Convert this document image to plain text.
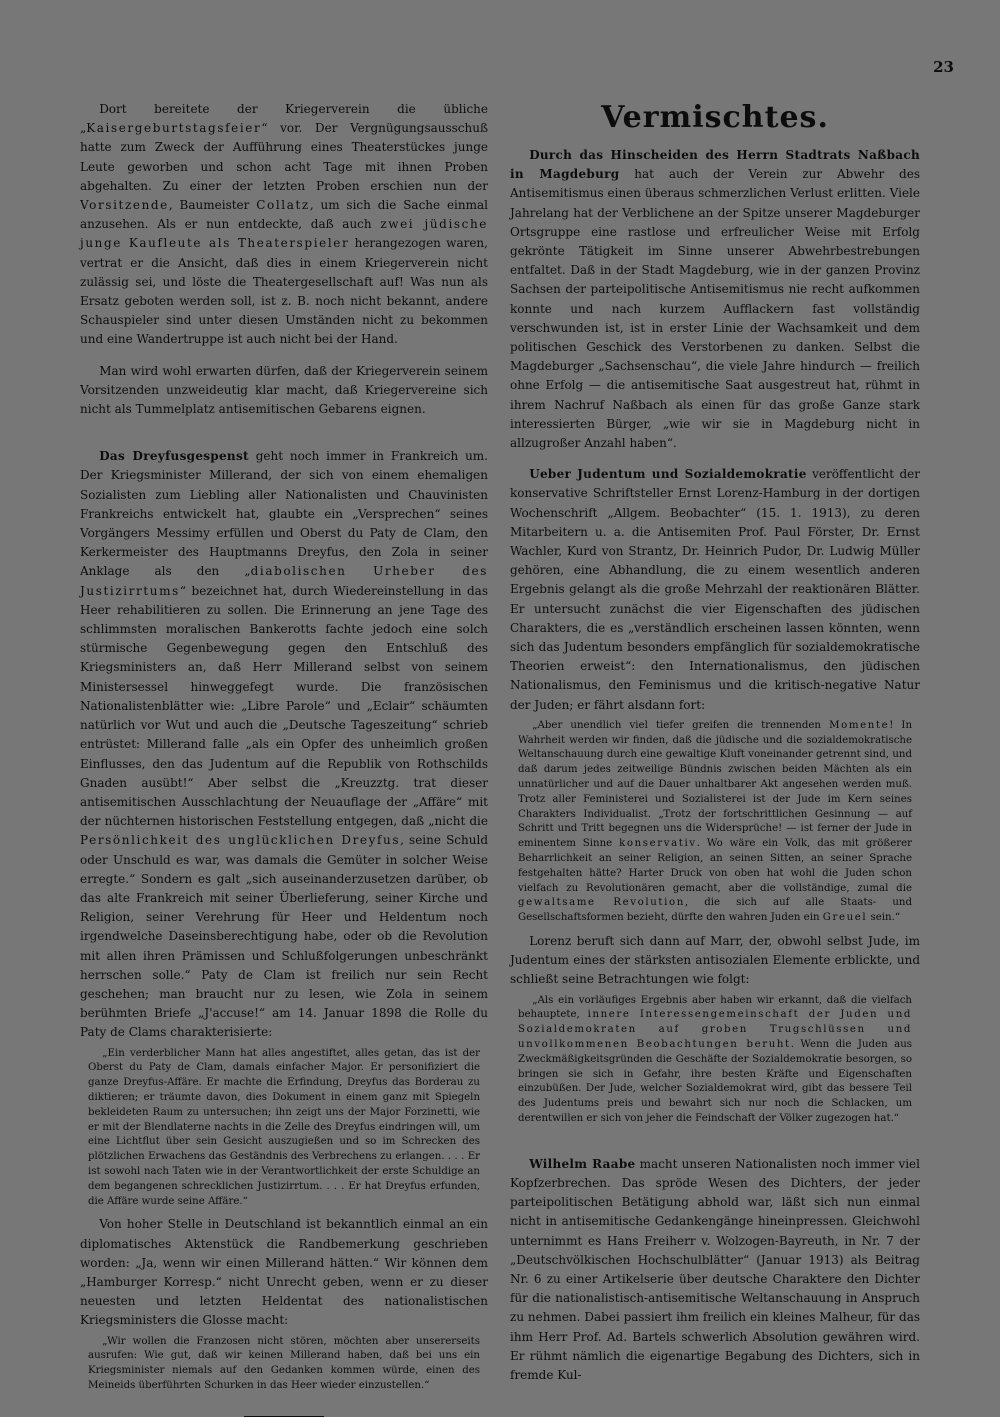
23

Dort bereitete der Kriegerverein die übliche „Kaisergeburtstagsfeier“ vor. Der Vergnügungsausschuß hatte zum Zweck der Aufführung eines Theaterstückes junge Leute geworben und schon acht Tage mit ihnen Proben abgehalten. Zu einer der letzten Proben erschien nun der Vorsitzende, Baumeister Collatz, um sich die Sache einmal anzusehen. Als er nun entdeckte, daß auch zwei jüdische junge Kaufleute als Theaterspieler herangezogen waren, vertrat er die Ansicht, daß dies in einem Kriegerverein nicht zulässig sei, und löste die Theatergesellschaft auf! Was nun als Ersatz geboten werden soll, ist z. B. noch nicht bekannt, andere Schauspieler sind unter diesen Umständen nicht zu bekommen und eine Wandertruppe ist auch nicht bei der Hand.

Man wird wohl erwarten dürfen, daß der Kriegerverein seinem Vorsitzenden unzweideutig klar macht, daß Kriegervereine sich nicht als Tummelplatz antisemitischen Gebarens eignen.

Das Dreyfusgespenst geht noch immer in Frankreich um. Der Kriegsminister Millerand, der sich von einem ehemaligen Sozialisten zum Liebling aller Nationalisten und Chauvinisten Frankreichs entwickelt hat, glaubte ein „Versprechen“ seines Vorgängers Messimy erfüllen und Oberst du Paty de Clam, den Kerkermeister des Hauptmanns Dreyfus, den Zola in seiner Anklage als den „diabolischen Urheber des Justizirrtums“ bezeichnet hat, durch Wiedereinstellung in das Heer rehabilitieren zu sollen. Die Erinnerung an jene Tage des schlimmsten moralischen Bankerotts fachte jedoch eine solch stürmische Gegenbewegung gegen den Entschluß des Kriegsministers an, daß Herr Millerand selbst von seinem Ministersessel hinweggefegt wurde. Die französischen Nationalistenblätter wie: „Libre Parole“ und „Eclair“ schäumten natürlich vor Wut und auch die „Deutsche Tageszeitung“ schrieb entrüstet: Millerand falle „als ein Opfer des unheimlich großen Einflusses, den das Judentum auf die Republik von Rothschilds Gnaden ausübt!“ Aber selbst die „Kreuzztg. trat dieser antisemitischen Ausschlachtung der Neuauflage der „Affäre“ mit der nüchternen historischen Feststellung entgegen, daß „nicht die Persönlichkeit des unglücklichen Dreyfus, seine Schuld oder Unschuld es war, was damals die Gemüter in solcher Weise erregte.“ Sondern es galt „sich auseinanderzusetzen darüber, ob das alte Frankreich mit seiner Überlieferung, seiner Kirche und Religion, seiner Verehrung für Heer und Heldentum noch irgendwelche Daseinsberechtigung habe, oder ob die Revolution mit allen ihren Prämissen und Schlußfolgerungen unbeschränkt herrschen solle.“ Paty de Clam ist freilich nur sein Recht geschehen; man braucht nur zu lesen, wie Zola in seinem berühmten Briefe „J'accuse!“ am 14. Januar 1898 die Rolle du Paty de Clams charakterisierte:

„Ein verderblicher Mann hat alles angestiftet, alles getan, das ist der Oberst du Paty de Clam, damals einfacher Major. Er personifiziert die ganze Dreyfus-Affäre. Er machte die Erfindung, Dreyfus das Borderau zu diktieren; er träumte davon, dies Dokument in einem ganz mit Spiegeln bekleideten Raum zu untersuchen; ihn zeigt uns der Major Forzinetti, wie er mit der Blendlaterne nachts in die Zelle des Dreyfus eindringen will, um eine Lichtflut über sein Gesicht auszugießen und so im Schrecken des plötzlichen Erwachens das Geständnis des Verbrechens zu erlangen. . . . Er ist sowohl nach Taten wie in der Verantwortlichkeit der erste Schuldige an dem begangenen schrecklichen Justizirrtum. . . . Er hat Dreyfus erfunden, die Affäre wurde seine Affäre.“

Von hoher Stelle in Deutschland ist bekanntlich einmal an ein diplomatisches Aktenstück die Randbemerkung geschrieben worden: „Ja, wenn wir einen Millerand hätten.“ Wir können dem „Hamburger Korresp.“ nicht Unrecht geben, wenn er zu dieser neuesten und letzten Heldentat des nationalistischen Kriegsministers die Glosse macht:

„Wir wollen die Franzosen nicht stören, möchten aber unsererseits ausrufen: Wie gut, daß wir keinen Millerand haben, daß bei uns ein Kriegsminister niemals auf den Gedanken kommen würde, einen des Meineids überführten Schurken in das Heer wieder einzustellen.“

Vermischtes.

Durch das Hinscheiden des Herrn Stadtrats Naßbach in Magdeburg hat auch der Verein zur Abwehr des Antisemitismus einen überaus schmerzlichen Verlust erlitten. Viele Jahrelang hat der Verblichene an der Spitze unserer Magdeburger Ortsgruppe eine rastlose und erfreulicher Weise mit Erfolg gekrönte Tätigkeit im Sinne unserer Abwehrbestrebungen entfaltet. Daß in der Stadt Magdeburg, wie in der ganzen Provinz Sachsen der parteipolitische Antisemitismus nie recht aufkommen konnte und nach kurzem Aufflackern fast vollständig verschwunden ist, ist in erster Linie der Wachsamkeit und dem politischen Geschick des Verstorbenen zu danken. Selbst die Magdeburger „Sachsenschau“, die viele Jahre hindurch — freilich ohne Erfolg — die antisemitische Saat ausgestreut hat, rühmt in ihrem Nachruf Naßbach als einen für das große Ganze stark interessierten Bürger, „wie wir sie in Magdeburg nicht in allzugroßer Anzahl haben“.

Ueber Judentum und Sozialdemokratie veröffentlicht der konservative Schriftsteller Ernst Lorenz-Hamburg in der dortigen Wochenschrift „Allgem. Beobachter“ (15. 1. 1913), zu deren Mitarbeitern u. a. die Antisemiten Prof. Paul Förster, Dr. Ernst Wachler, Kurd von Strantz, Dr. Heinrich Pudor, Dr. Ludwig Müller gehören, eine Abhandlung, die zu einem wesentlich anderen Ergebnis gelangt als die große Mehrzahl der reaktionären Blätter. Er untersucht zunächst die vier Eigenschaften des jüdischen Charakters, die es „verständlich erscheinen lassen könnten, wenn sich das Judentum besonders empfänglich für sozialdemokratische Theorien erweist“: den Internationalismus, den jüdischen Nationalismus, den Feminismus und die kritisch-negative Natur der Juden; er fährt alsdann fort:

„Aber unendlich viel tiefer greifen die trennenden Momente! In Wahrheit werden wir finden, daß die jüdische und die sozialdemokratische Weltanschauung durch eine gewaltige Kluft voneinander getrennt sind, und daß darum jedes zeitweilige Bündnis zwischen beiden Mächten als ein unnatürlicher und auf die Dauer unhaltbarer Akt angesehen werden muß. Trotz aller Feministerei und Sozialisterei ist der Jude im Kern seines Charakters Individualist. „Trotz der fortschrittlichen Gesinnung — auf Schritt und Tritt begegnen uns die Widersprüche! — ist ferner der Jude in eminentem Sinne konservativ. Wo wäre ein Volk, das mit größerer Beharrlichkeit an seiner Religion, an seinen Sitten, an seiner Sprache festgehalten hätte? Harter Druck von oben hat wohl die Juden schon vielfach zu Revolutionären gemacht, aber die vollständige, zumal die gewaltsame Revolution, die sich auf alle Staats- und Gesellschaftsformen bezieht, dürfte den wahren Juden ein Greuel sein.“

Lorenz beruft sich dann auf Marr, der, obwohl selbst Jude, im Judentum eines der stärksten antisozialen Elemente erblickte, und schließt seine Betrachtungen wie folgt:

„Als ein vorläufiges Ergebnis aber haben wir erkannt, daß die vielfach behauptete, innere Interessengemeinschaft der Juden und Sozialdemokraten auf groben Trugschlüssen und unvollkommenen Beobachtungen beruht. Wenn die Juden aus Zweckmäßigkeitsgründen die Geschäfte der Sozialdemokratie besorgen, so bringen sie sich in Gefahr, ihre besten Kräfte und Eigenschaften einzubüßen. Der Jude, welcher Sozialdemokrat wird, gibt das bessere Teil des Judentums preis und bewahrt sich nur noch die Schlacken, um derentwillen er sich von jeher die Feindschaft der Völker zugezogen hat.“

Wilhelm Raabe macht unseren Nationalisten noch immer viel Kopfzerbrechen. Das spröde Wesen des Dichters, der jeder parteipolitischen Betätigung abhold war, läßt sich nun einmal nicht in antisemitische Gedankengänge hineinpressen. Gleichwohl unternimmt es Hans Freiherr v. Wolzogen-Bayreuth, in Nr. 7 der „Deutschvölkischen Hochschulblätter“ (Januar 1913) als Beitrag Nr. 6 zu einer Artikelserie über deutsche Charaktere den Dichter für die nationalistisch-antisemitische Weltanschauung in Anspruch zu nehmen. Dabei passiert ihm freilich ein kleines Malheur, für das ihm Herr Prof. Ad. Bartels schwerlich Absolution gewähren wird. Er rühmt nämlich die eigenartige Begabung des Dichters, sich in fremde Kul-
